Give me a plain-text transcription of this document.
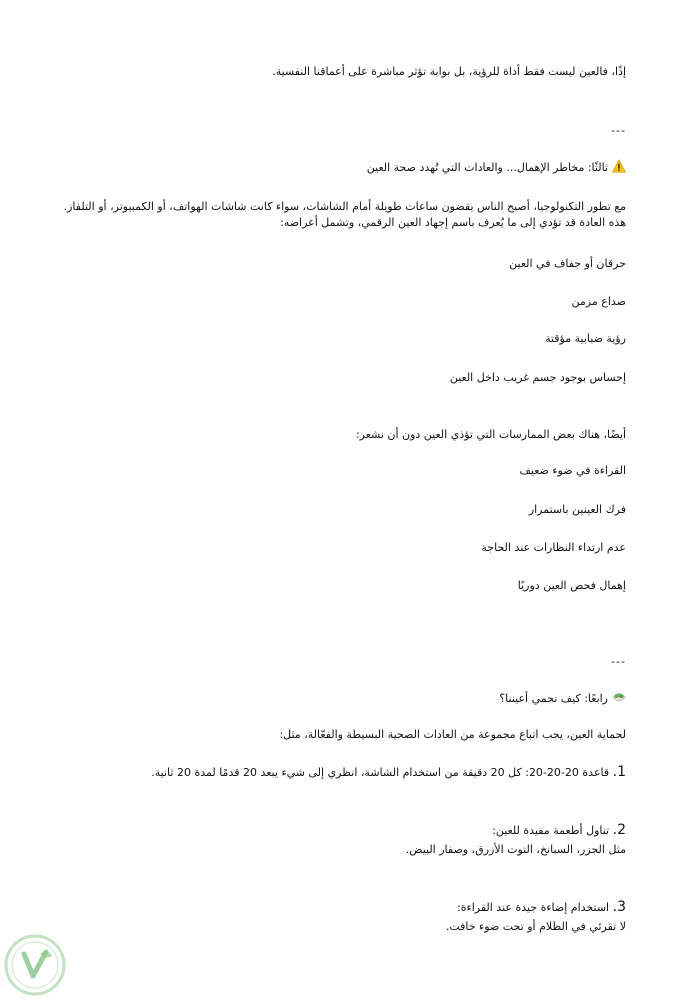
إذًا، فالعين ليست فقط أداة للرؤية، بل بوابة تؤثر مباشرة على أعماقنا النفسية.
---
ثالثًا: مخاطر الإهمال... والعادات التي تُهدد صحة العين
مع تطور التكنولوجيا، أصبح الناس يقضون ساعات طويلة أمام الشاشات، سواء كانت شاشات الهواتف، أو الكمبيوتر، أو التلفاز.
هذه العادة قد تؤدي إلى ما يُعرف باسم إجهاد العين الرقمي، وتشمل أعراضه:
حرقان أو جفاف في العين
صداع مزمن
رؤية ضبابية مؤقتة
إحساس بوجود جسم غريب داخل العين
أيضًا، هناك بعض الممارسات التي تؤذي العين دون أن نشعر:
القراءة في ضوء ضعيف
فرك العينين باستمرار
عدم ارتداء النظارات عند الحاجة
إهمال فحص العين دوريًا
---
رابعًا: كيف نحمي أعيننا؟
لحماية العين، يجب اتباع مجموعة من العادات الصحية البسيطة والفعّالة، مثل:
1. قاعدة 20-20-20: كل 20 دقيقة من استخدام الشاشة، انظري إلى شيء يبعد 20 قدمًا لمدة 20 ثانية.
2. تناول أطعمة مفيدة للعين:
مثل الجزر، السبانخ، التوت الأزرق، وصفار البيض.
3. استخدام إضاءة جيدة عند القراءة:
لا تقرئي في الظلام أو تحت ضوء خافت.
